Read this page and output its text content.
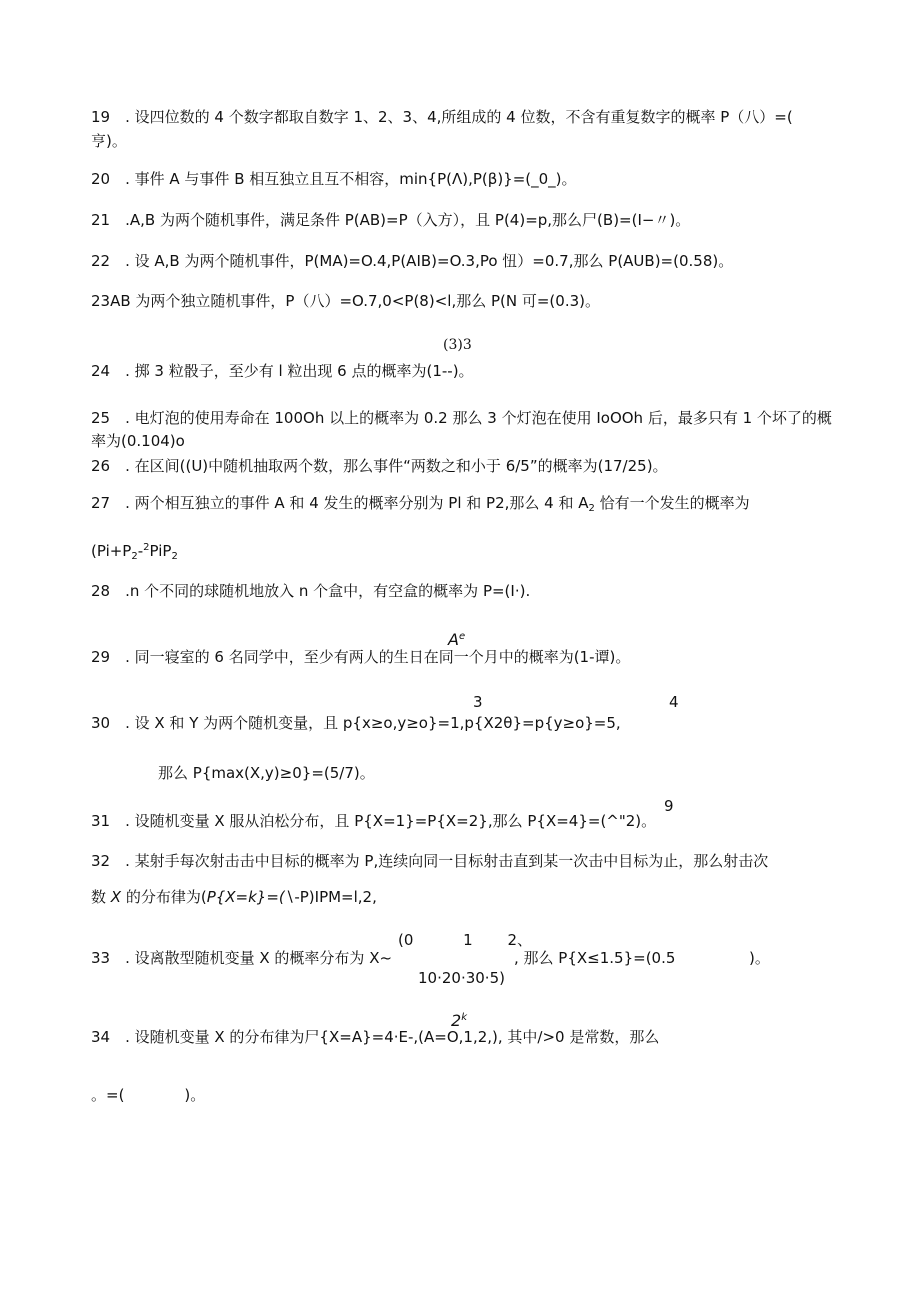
19　. 设四位数的 4 个数字都取自数字 1、2、3、4,所组成的 4 位数，不含有重复数字的概率 P（八）=(
亨)。
20　. 事件 A 与事件 B 相互独立且互不相容，min{P(Λ),P(β)}=(_0_)。
21　.A,B 为两个随机事件，满足条件 P(AB)=P（入方），且 P(4)=p,那么尸(B)=(I−〃)。
22　. 设 A,B 为两个随机事件，P(MA)=O.4,P(AIB)=O.3,Po 忸）=0.7,那么 P(AUB)=(0.58)。
23AB 为两个独立随机事件，P（八）=O.7,0<P(8)<l,那么 P(N 可=(0.3)。
(3)3
24　. 掷 3 粒骰子，至少有 l 粒出现 6 点的概率为(1--)。
25　. 电灯泡的使用寿命在 100Oh 以上的概率为 0.2 那么 3 个灯泡在使用 IoOOh 后，最多只有 1 个坏了的概
率为(0.104)o
26　. 在区间((U)中随机抽取两个数，那么事件“两数之和小于 6/5”的概率为(17/25)。
27　. 两个相互独立的事件 A 和 4 发生的概率分别为 Pl 和 P2,那么 4 和 $A_2$ 恰有一个发生的概率为
($Pi+P_2-^2PiP_2$
28　.n 个不同的球随机地放入 n 个盒中，有空盒的概率为 P=(I·).
$A^e$
29　. 同一寝室的 6 名同学中，至少有两人的生日在同一个月中的概率为(1-谭)。
3	4
30　. 设 X 和 Y 为两个随机变量，且 p{x≥o,y≥o}=1,p{X2θ}=p{y≥o}=5,
那么 P{max(X,y)≥0}=(5/7)。
9
31　. 设随机变量 X 服从泊松分布，且 P{X=1}=P{X=2},那么 P{X=4}=(^"2)。
32　. 某射手每次射击击中目标的概率为 P,连续向同一目标射击直到某一次击中目标为止，那么射击次
数 X 的分布律为(P{X=k}=(∖-P)IPM=l,2,
(0　　　 1　　 2、
33　. 设离散型随机变量 X 的概率分布为 X~	, 那么 P{X≤1.5}=(0.5	)。
10·20·30·5)
2$^k$
34　. 设随机变量 X 的分布律为尸{X=A}=4·E-,(A=O,1,2,), 其中∕>0 是常数，那么
。=(　　　　)。
